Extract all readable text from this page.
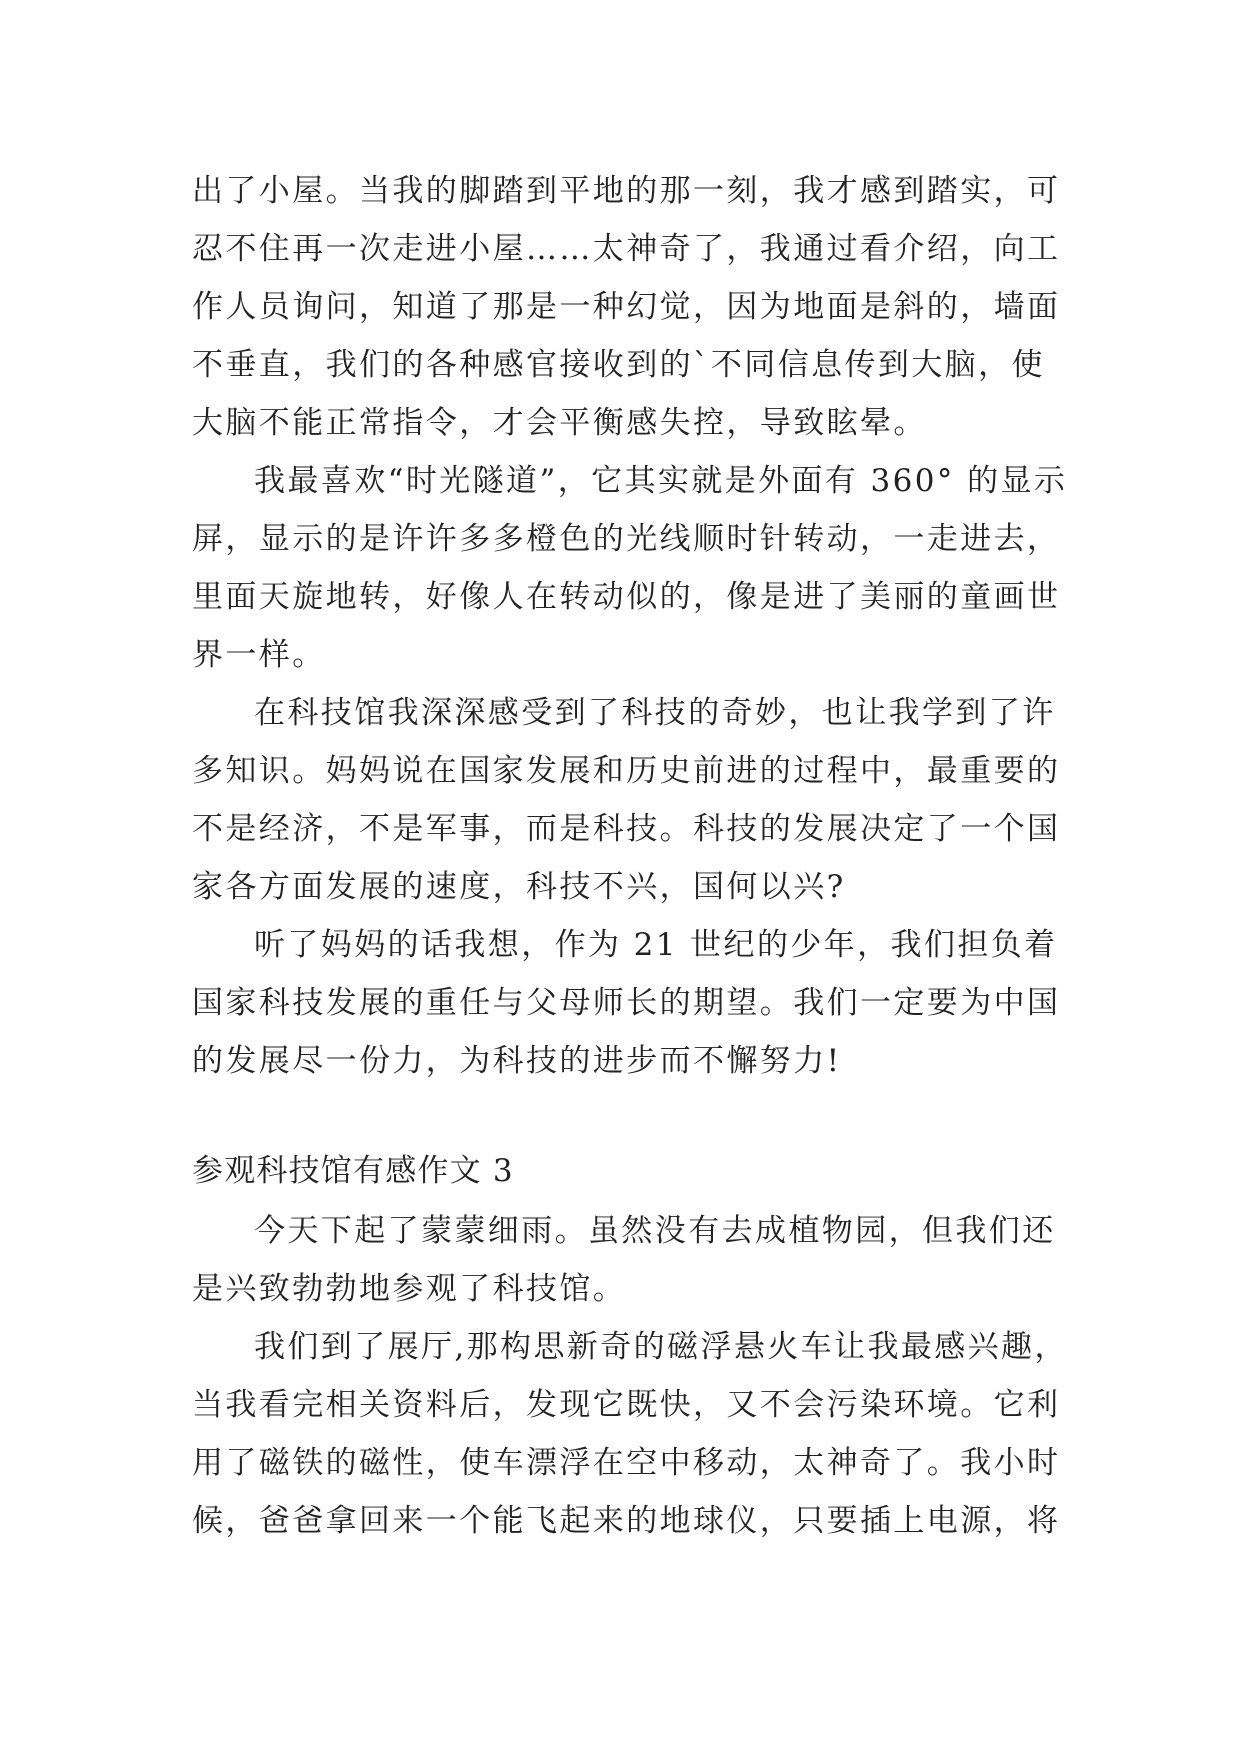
出了小屋。当我的脚踏到平地的那一刻，我才感到踏实，可
忍不住再一次走进小屋……太神奇了，我通过看介绍，向工
作人员询问，知道了那是一种幻觉，因为地面是斜的，墙面
不垂直，我们的各种感官接收到的`不同信息传到大脑，使
大脑不能正常指令，才会平衡感失控，导致眩晕。
我最喜欢“时光隧道”，它其实就是外面有 360° 的显示
屏，显示的是许许多多橙色的光线顺时针转动，一走进去，
里面天旋地转，好像人在转动似的，像是进了美丽的童画世
界一样。
在科技馆我深深感受到了科技的奇妙，也让我学到了许
多知识。妈妈说在国家发展和历史前进的过程中，最重要的
不是经济，不是军事，而是科技。科技的发展决定了一个国
家各方面发展的速度，科技不兴，国何以兴?
听了妈妈的话我想，作为 21 世纪的少年，我们担负着
国家科技发展的重任与父母师长的期望。我们一定要为中国
的发展尽一份力，为科技的进步而不懈努力!
参观科技馆有感作文 3
今天下起了蒙蒙细雨。虽然没有去成植物园，但我们还
是兴致勃勃地参观了科技馆。
我们到了展厅,那构思新奇的磁浮悬火车让我最感兴趣，
当我看完相关资料后，发现它既快，又不会污染环境。它利
用了磁铁的磁性，使车漂浮在空中移动，太神奇了。我小时
候，爸爸拿回来一个能飞起来的地球仪，只要插上电源，将
